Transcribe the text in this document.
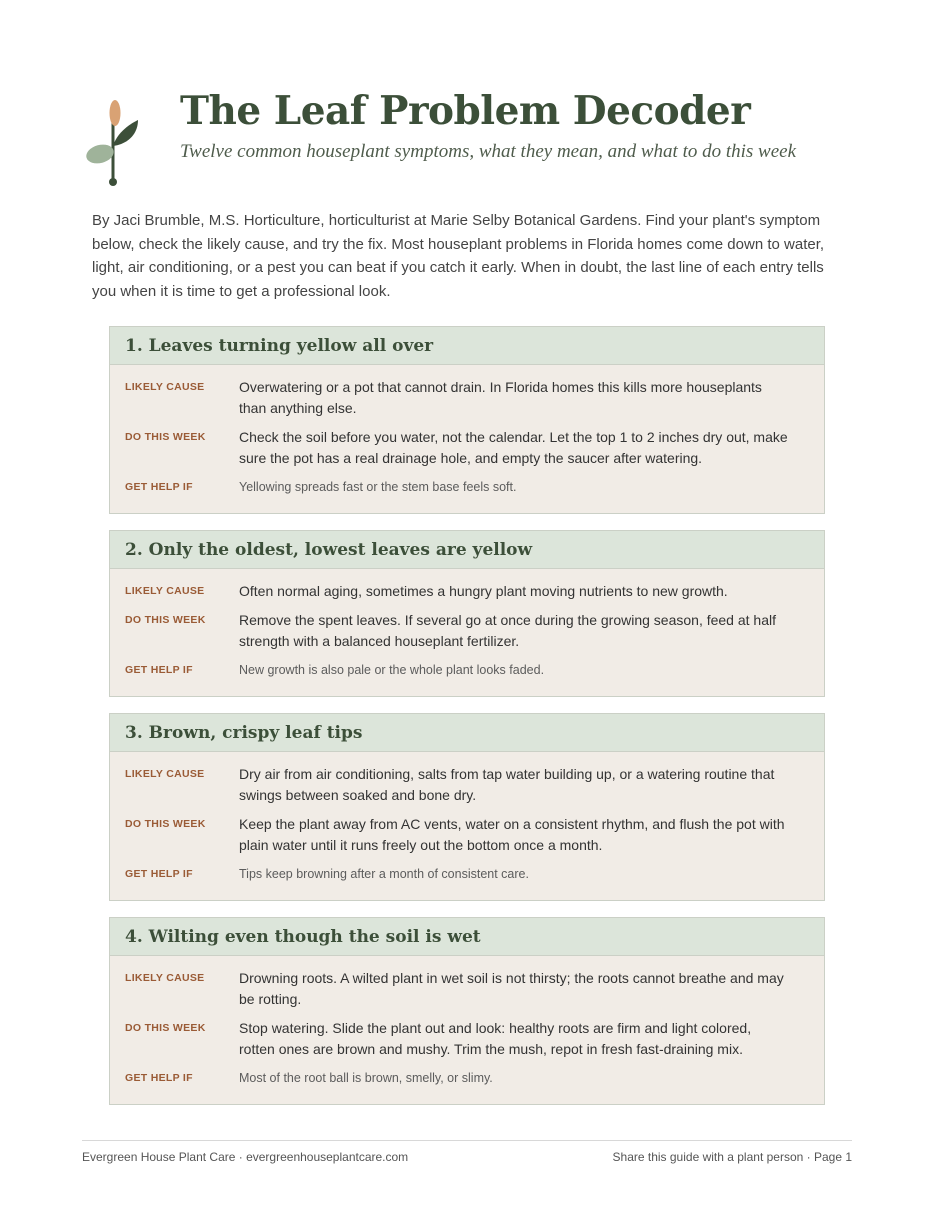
The Leaf Problem Decoder

Twelve common houseplant symptoms, what they mean, and what to do this week

By Jaci Brumble, M.S. Horticulture, horticulturist at Marie Selby Botanical Gardens. Find your plant's symptom below, check the likely cause, and try the fix. Most houseplant problems in Florida homes come down to water, light, air conditioning, or a pest you can beat if you catch it early. When in doubt, the last line of each entry tells you when it is time to get a professional look.

1. Leaves turning yellow all over
LIKELY CAUSE	Overwatering or a pot that cannot drain. In Florida homes this kills more houseplants than anything else.
DO THIS WEEK	Check the soil before you water, not the calendar. Let the top 1 to 2 inches dry out, make sure the pot has a real drainage hole, and empty the saucer after watering.
GET HELP IF	Yellowing spreads fast or the stem base feels soft.
2. Only the oldest, lowest leaves are yellow
LIKELY CAUSE	Often normal aging, sometimes a hungry plant moving nutrients to new growth.
DO THIS WEEK	Remove the spent leaves. If several go at once during the growing season, feed at half strength with a balanced houseplant fertilizer.
GET HELP IF	New growth is also pale or the whole plant looks faded.
3. Brown, crispy leaf tips
LIKELY CAUSE	Dry air from air conditioning, salts from tap water building up, or a watering routine that swings between soaked and bone dry.
DO THIS WEEK	Keep the plant away from AC vents, water on a consistent rhythm, and flush the pot with plain water until it runs freely out the bottom once a month.
GET HELP IF	Tips keep browning after a month of consistent care.
4. Wilting even though the soil is wet
LIKELY CAUSE	Drowning roots. A wilted plant in wet soil is not thirsty; the roots cannot breathe and may be rotting.
DO THIS WEEK	Stop watering. Slide the plant out and look: healthy roots are firm and light colored, rotten ones are brown and mushy. Trim the mush, repot in fresh fast-draining mix.
GET HELP IF	Most of the root ball is brown, smelly, or slimy.
Evergreen House Plant Care · evergreenhouseplantcare.com	Share this guide with a plant person · Page 1
